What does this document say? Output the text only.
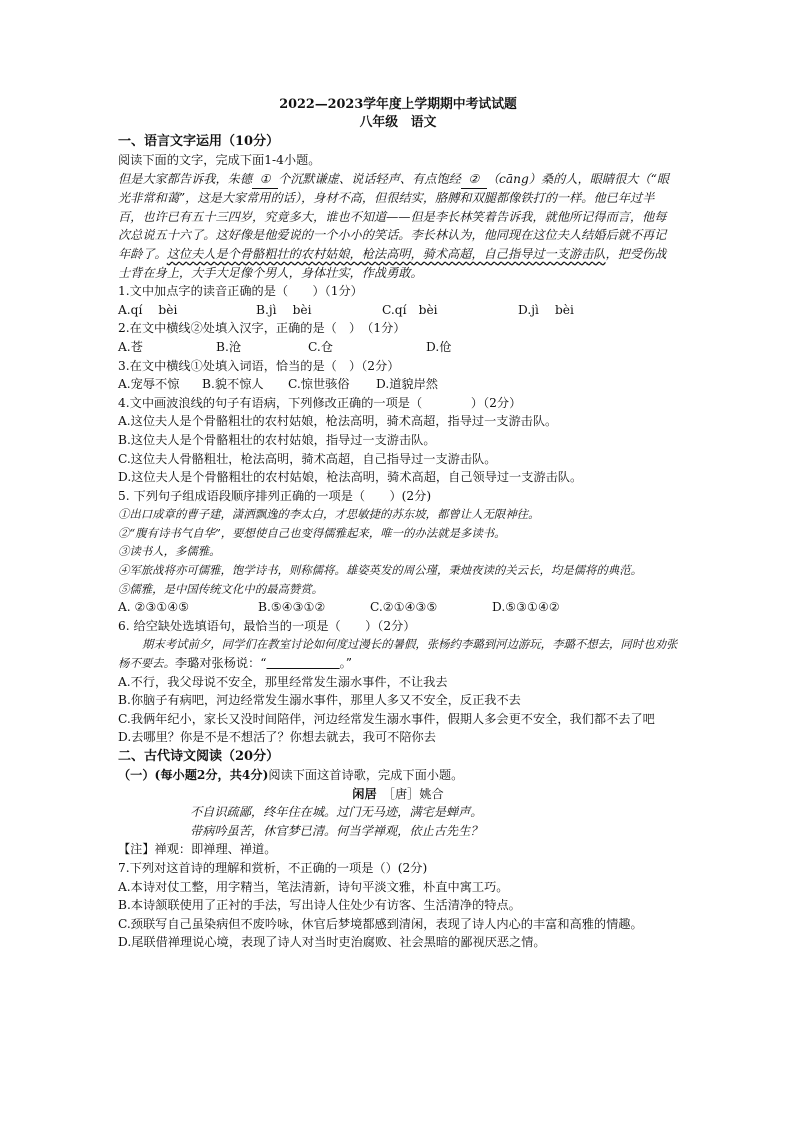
2022—2023学年度上学期期中考试试题
八年级　语文
一、语言文字运用（10分）

阅读下面的文字，完成下面1-4小题。

但是大家都告诉我，朱德 ① 个沉默谦虚、说话轻声、有点饱经 ② （cāng）桑的人，眼睛很大（“眼光非常和蔼”，这是大家常用的话），身材不高，但很结实，胳膊和双腿都像铁打的一样。他已年过半百，也许已有五十三四岁，究竟多大，谁也不知道——但是李长林笑着告诉我，就他所记得而言，他每次总说五十六了。这好像是他爱说的一个小小的笑话。李长林认为，他同现在这位夫人结婚后就不再记年龄了。这位夫人是个骨骼粗壮的农村姑娘，枪法高明，骑术高超，自己指导过一支游击队，把受伤战士背在身上，大手大足像个男人，身体壮实，作战勇敢。

1.文中加点字的读音正确的是（　　）（1分）

A.qí　 bèi	B.jì　 bèi	C.qí　bèi	D.jì　 bèi

2.在文中横线②处填入汉字，正确的是（　）　（1分）

A.苍	B.沧	C.仓	D.伧

3.在文中横线①处填入词语，恰当的是（　）（2分）

A.宠辱不惊	B.貌不惊人	C.惊世骇俗	D.道貌岸然

4.文中画波浪线的句子有语病，下列修改正确的一项是（　　　　）（2分）

A.这位夫人是个骨骼粗壮的农村姑娘，枪法高明，骑术高超，指导过一支游击队。

B.这位夫人是个骨骼粗壮的农村姑娘，指导过一支游击队。

C.这位夫人骨骼粗壮，枪法高明，骑术高超，自己指导过一支游击队。

D.这位夫人是个骨骼粗壮的农村姑娘，枪法高明，骑术高超，自己领导过一支游击队。

5. 下列句子组成语段顺序排列正确的一项是（　　）(2分)

①出口成章的曹子建，潇洒飘逸的李太白，才思敏捷的苏东坡，都曾让人无限神往。

②“腹有诗书气自华”，要想使自己也变得儒雅起来，唯一的办法就是多读书。

③读书人，多儒雅。

④军旅战将亦可儒雅，饱学诗书，则称儒将。雄姿英发的周公瑾，秉烛夜读的关云长，均是儒将的典范。

⑤儒雅，是中国传统文化中的最高赞赏。

A. ②③①④⑤	B.⑤④③①②	C.②①④③⑤	D.⑤③①④②

6. 给空缺处选填语句，最恰当的一项是（　　）（2分）

期末考试前夕，同学们在教室讨论如何度过漫长的暑假，张杨约李璐到河边游玩，李璐不想去，同时也劝张杨不要去。李璐对张杨说：“　　　　　　	。”

A.不行，我父母说不安全，那里经常发生溺水事件，不让我去

B.你脑子有病吧，河边经常发生溺水事件，那里人多又不安全，反正我不去

C.我俩年纪小，家长又没时间陪伴，河边经常发生溺水事件，假期人多会更不安全，我们都不去了吧

D.去哪里？你是不是不想活了？你想去就去，我可不陪你去

二、古代诗文阅读（20分）

（一）(每小题2分，共4分)阅读下面这首诗歌，完成下面小题。

闲居　 ［唐］姚合

不自识疏鄙，终年住在城。过门无马迹，满宅是蝉声。

带病吟虽苦，休官梦已清。何当学禅观，依止古先生？

【注】禅观：即禅理、禅道。

7.下列对这首诗的理解和赏析，不正确的一项是（）(2分)

A.本诗对仗工整，用字精当，笔法清新，诗句平淡文雅，朴直中寓工巧。

B.本诗颔联使用了正衬的手法，写出诗人住处少有访客、生活清净的特点。

C.颈联写自己虽染病但不废吟咏，休官后梦境都感到清闲，表现了诗人内心的丰富和高雅的情趣。

D.尾联借禅理说心境，表现了诗人对当时吏治腐败、社会黑暗的鄙视厌恶之情。
